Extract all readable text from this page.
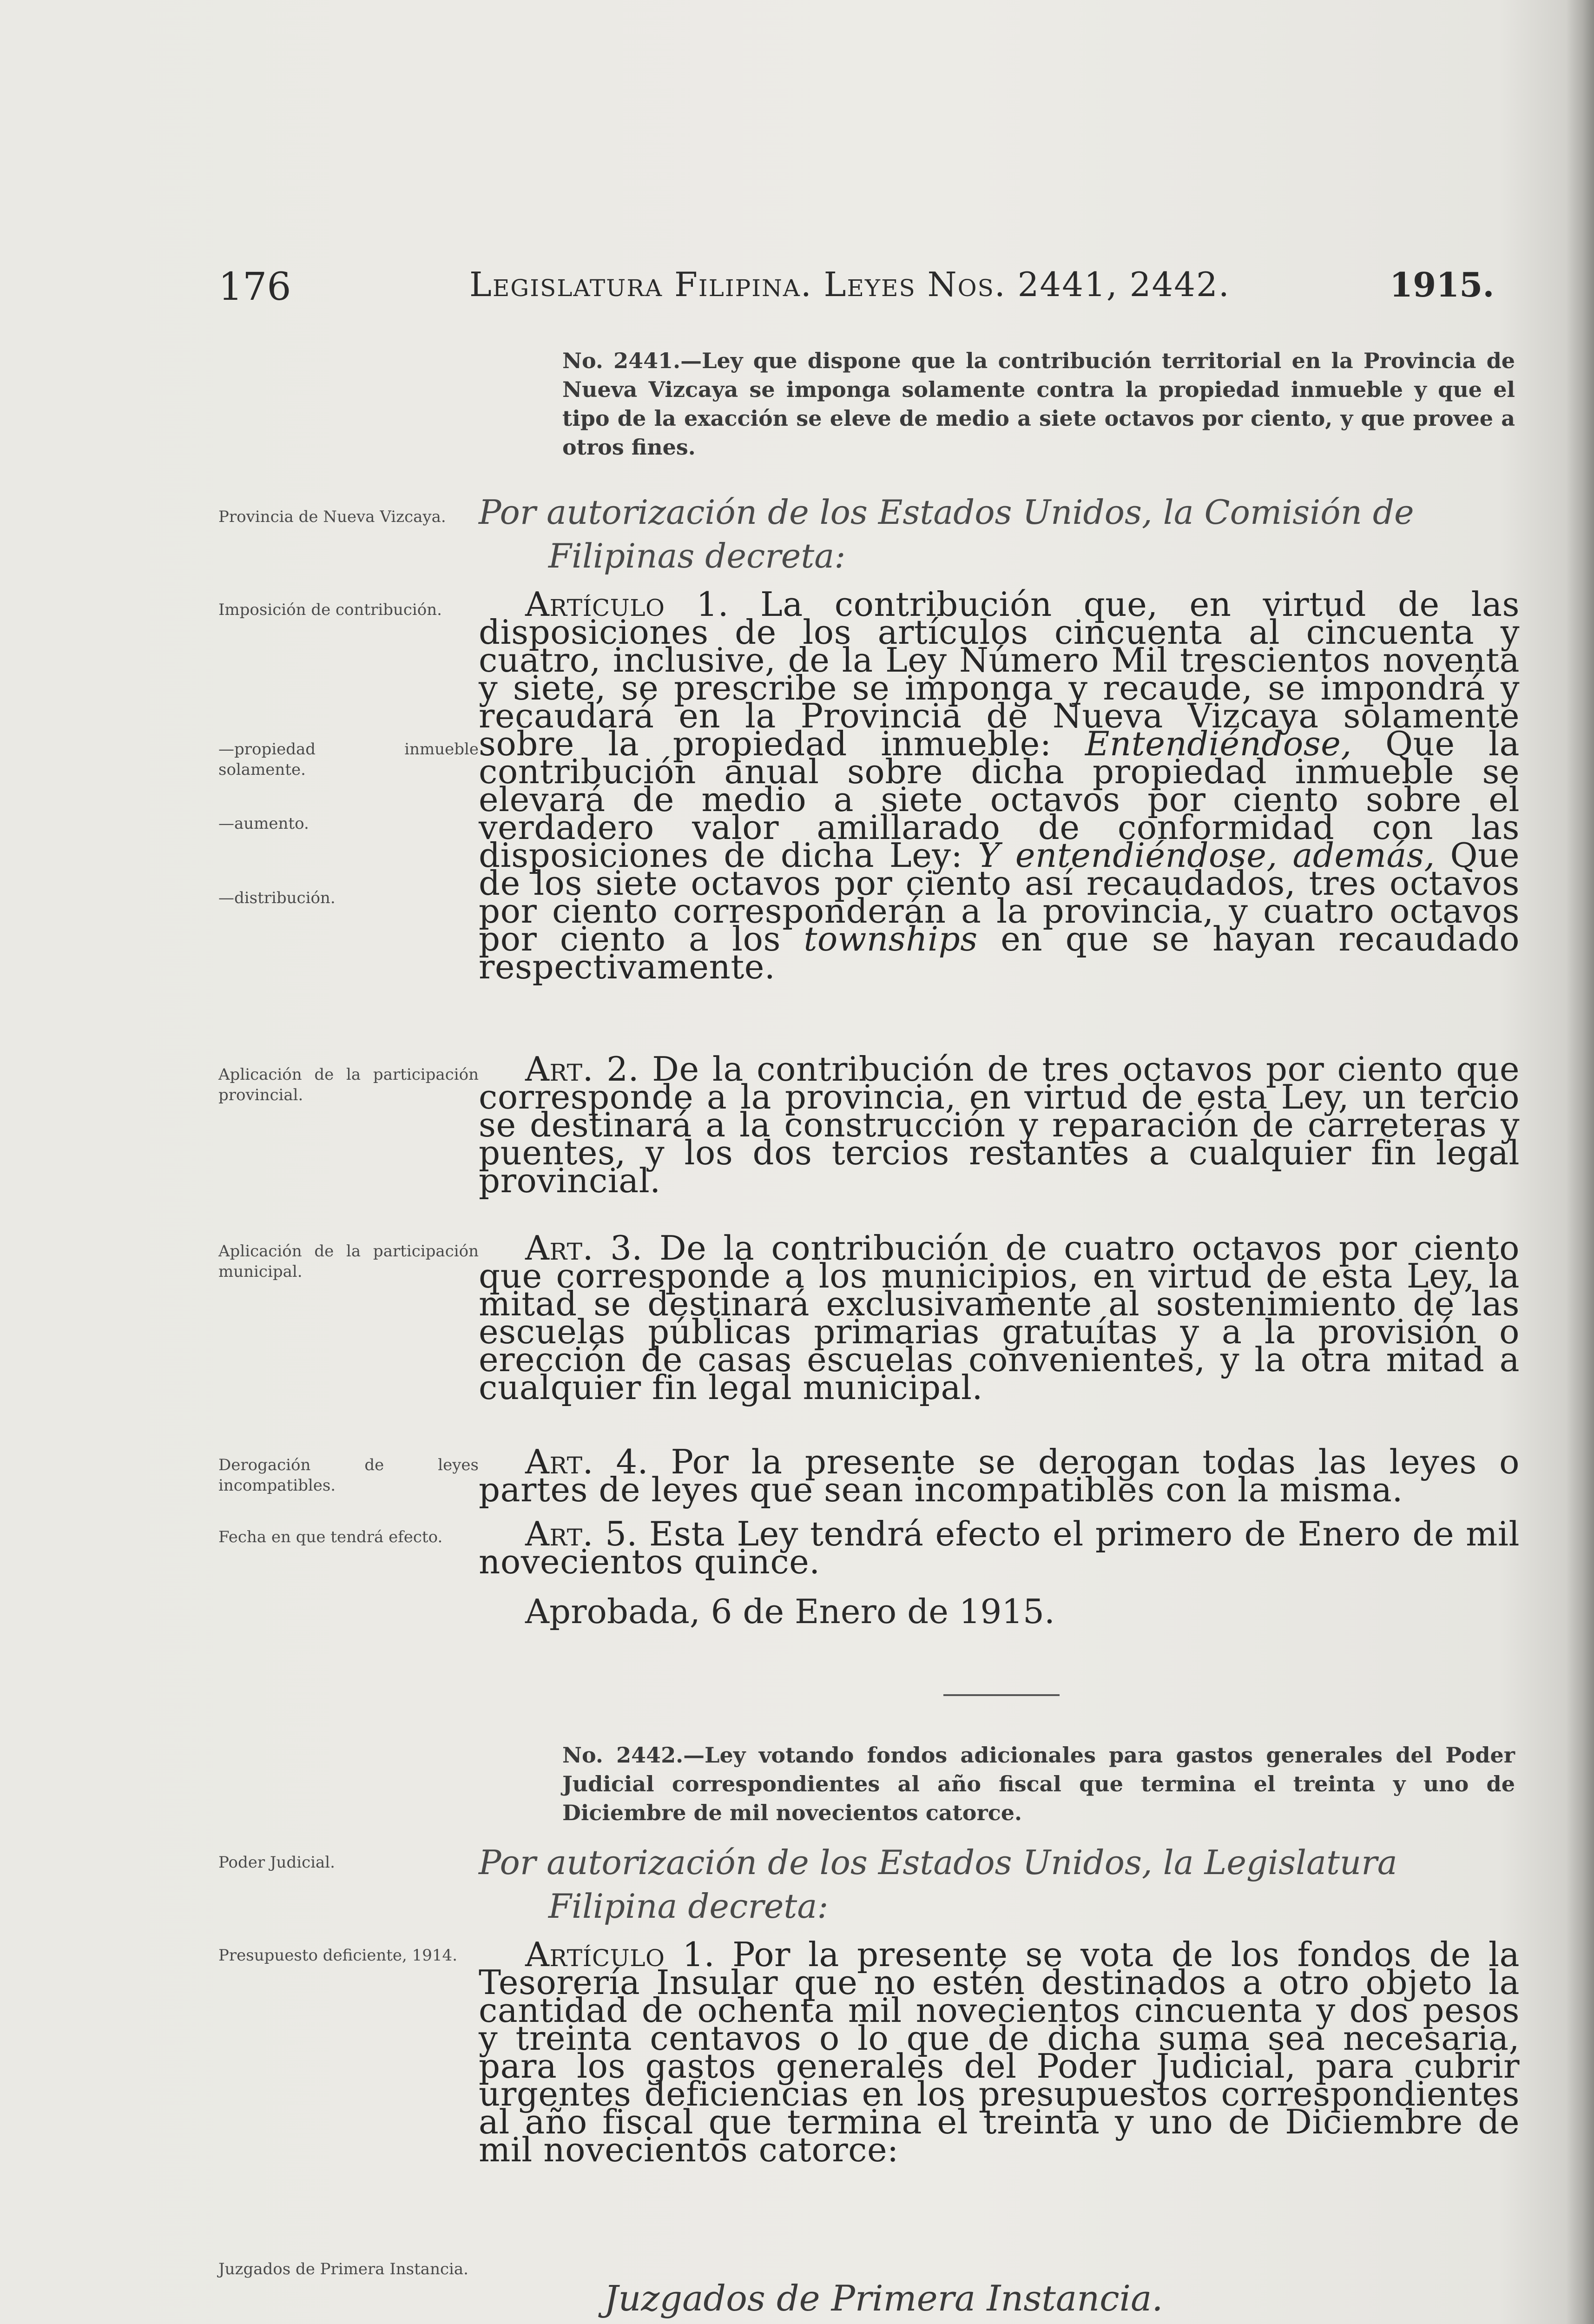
176	Legislatura Filipina. Leyes Nos. 2441, 2442.	1915.
No. 2441.—Ley que dispone que la contribución territorial en la Provincia de Nueva Vizcaya se imponga solamente contra la propiedad inmueble y que el tipo de la exacción se eleve de medio a siete octavos por ciento, y que provee a otros fines.
Provincia de Nueva Vizcaya.
Imposición de contribución.
—propiedad inmueble solamente.
—aumento.
—distribución.
Aplicación de la participación provincial.
Aplicación de la participación municipal.
Derogación de leyes incompatibles.
Fecha en que tendrá efecto.
Por autorización de los Estados Unidos, la Comisión de
Filipinas decreta:

Artículo 1. La contribución que, en virtud de las disposiciones de los artículos cincuenta al cincuenta y cuatro, inclusive, de la Ley Número Mil trescientos noventa y siete, se prescribe se imponga y recaude, se impondrá y recaudará en la Provincia de Nueva Vizcaya solamente sobre la propiedad inmueble: Entendiéndose, Que la contribución anual sobre dicha propiedad inmueble se elevará de medio a siete octavos por ciento sobre el verdadero valor amillarado de conformidad con las disposiciones de dicha Ley: Y entendiéndose, además, Que de los siete octavos por ciento así recaudados, tres octavos por ciento corresponderán a la provincia, y cuatro octavos por ciento a los townships en que se hayan recaudado respectivamente.

Art. 2. De la contribución de tres octavos por ciento que corresponde a la provincia, en virtud de esta Ley, un tercio se destinará a la construcción y reparación de carreteras y puentes, y los dos tercios restantes a cualquier fin legal provincial.

Art. 3. De la contribución de cuatro octavos por ciento que corresponde a los municipios, en virtud de esta Ley, la mitad se destinará exclusivamente al sostenimiento de las escuelas públicas primarias gratuítas y a la provisión o erección de casas escuelas convenientes, y la otra mitad a cualquier fin legal municipal.

Art. 4. Por la presente se derogan todas las leyes o partes de leyes que sean incompatibles con la misma.

Art. 5. Esta Ley tendrá efecto el primero de Enero de mil novecientos quince.

Aprobada, 6 de Enero de 1915.
No. 2442.—Ley votando fondos adicionales para gastos generales del Poder Judicial correspondientes al año fiscal que termina el treinta y uno de Diciembre de mil novecientos catorce.
Poder Judicial.
Presupuesto deficiente, 1914.
Juzgados de Primera Instancia.
Por autorización de los Estados Unidos, la Legislatura
Filipina decreta:

Artículo 1. Por la presente se vota de los fondos de la Tesorería Insular que no estén destinados a otro objeto la cantidad de ochenta mil novecientos cincuenta y dos pesos y treinta centavos o lo que de dicha suma sea necesaria, para los gastos generales del Poder Judicial, para cubrir urgentes deficiencias en los presupuestos correspondientes al año fiscal que termina el treinta y uno de Diciembre de mil novecientos catorce:

Juzgados de Primera Instancia.
